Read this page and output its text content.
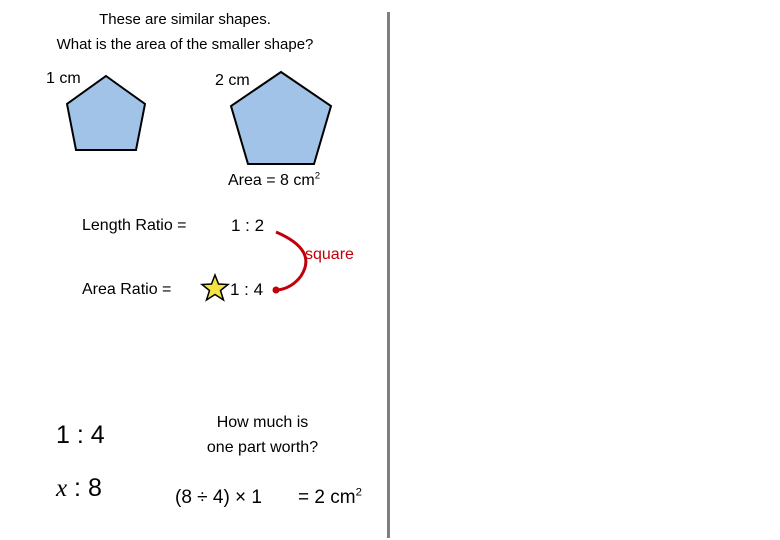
These are similar shapes.
What is the area of the smaller shape?
1 cm	2 cm
Area = 8 $cm^2$
Length Ratio =	1 : 2
square
Area Ratio =	1 : 4
1 : 4
x : 8
How much is
one part worth?
(8 ÷ 4) × 1 = 2 $cm^2$
